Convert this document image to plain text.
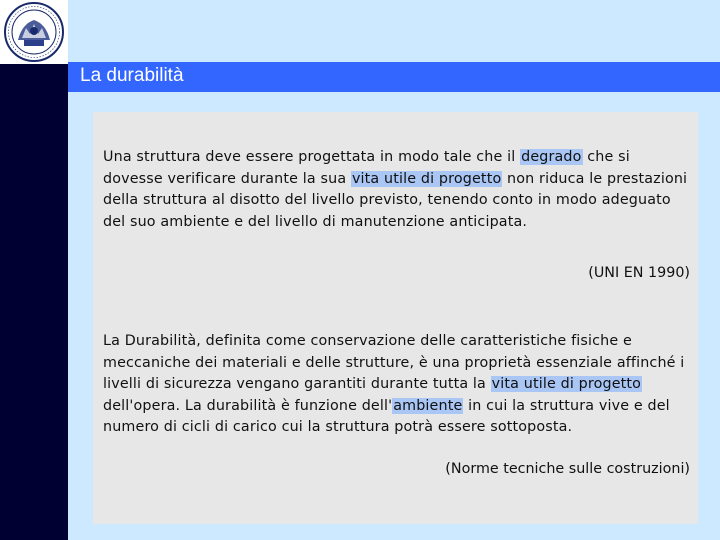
La durabilità
Una struttura deve essere progettata in modo tale che il degrado che si dovesse verificare durante la sua vita utile di progetto non riduca le prestazioni della struttura al disotto del livello previsto, tenendo conto in modo adeguato del suo ambiente e del livello di manutenzione anticipata.
(UNI EN 1990)
La Durabilità, definita come conservazione delle caratteristiche fisiche e meccaniche dei materiali e delle strutture, è una proprietà essenziale affinché i livelli di sicurezza vengano garantiti durante tutta la vita utile di progetto dell'opera. La durabilità è funzione dell'ambiente in cui la struttura vive e del numero di cicli di carico cui la struttura potrà essere sottoposta.
(Norme tecniche sulle costruzioni)
